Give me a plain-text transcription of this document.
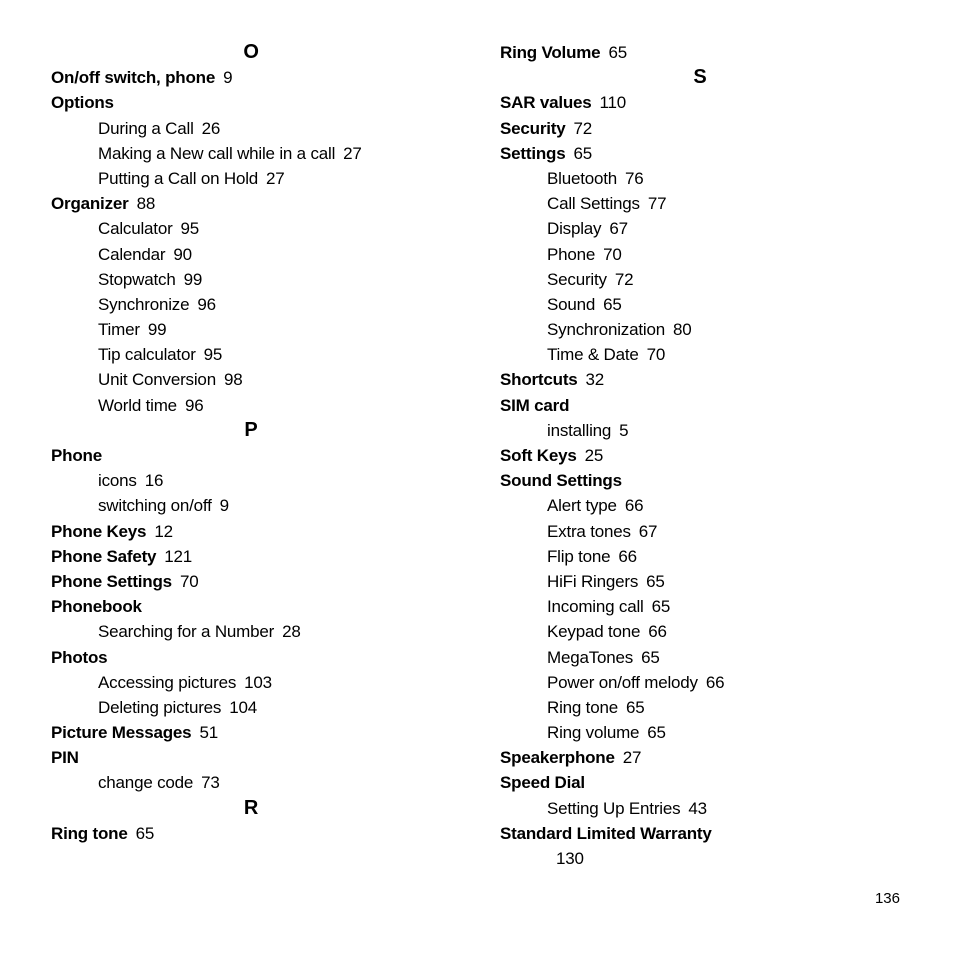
O
On/off switch, phone 9
Options
During a Call 26
Making a New call while in a call 27
Putting a Call on Hold 27
Organizer 88
Calculator 95
Calendar 90
Stopwatch 99
Synchronize 96
Timer 99
Tip calculator 95
Unit Conversion 98
World time 96
P
Phone
icons 16
switching on/off 9
Phone Keys 12
Phone Safety 121
Phone Settings 70
Phonebook
Searching for a Number 28
Photos
Accessing pictures 103
Deleting pictures 104
Picture Messages 51
PIN
change code 73
R
Ring tone 65
Ring Volume 65
S
SAR values 110
Security 72
Settings 65
Bluetooth 76
Call Settings 77
Display 67
Phone 70
Security 72
Sound 65
Synchronization 80
Time & Date 70
Shortcuts 32
SIM card
installing 5
Soft Keys 25
Sound Settings
Alert type 66
Extra tones 67
Flip tone 66
HiFi Ringers 65
Incoming call 65
Keypad tone 66
MegaTones 65
Power on/off melody 66
Ring tone 65
Ring volume 65
Speakerphone 27
Speed Dial
Setting Up Entries 43
Standard Limited Warranty
130
136
